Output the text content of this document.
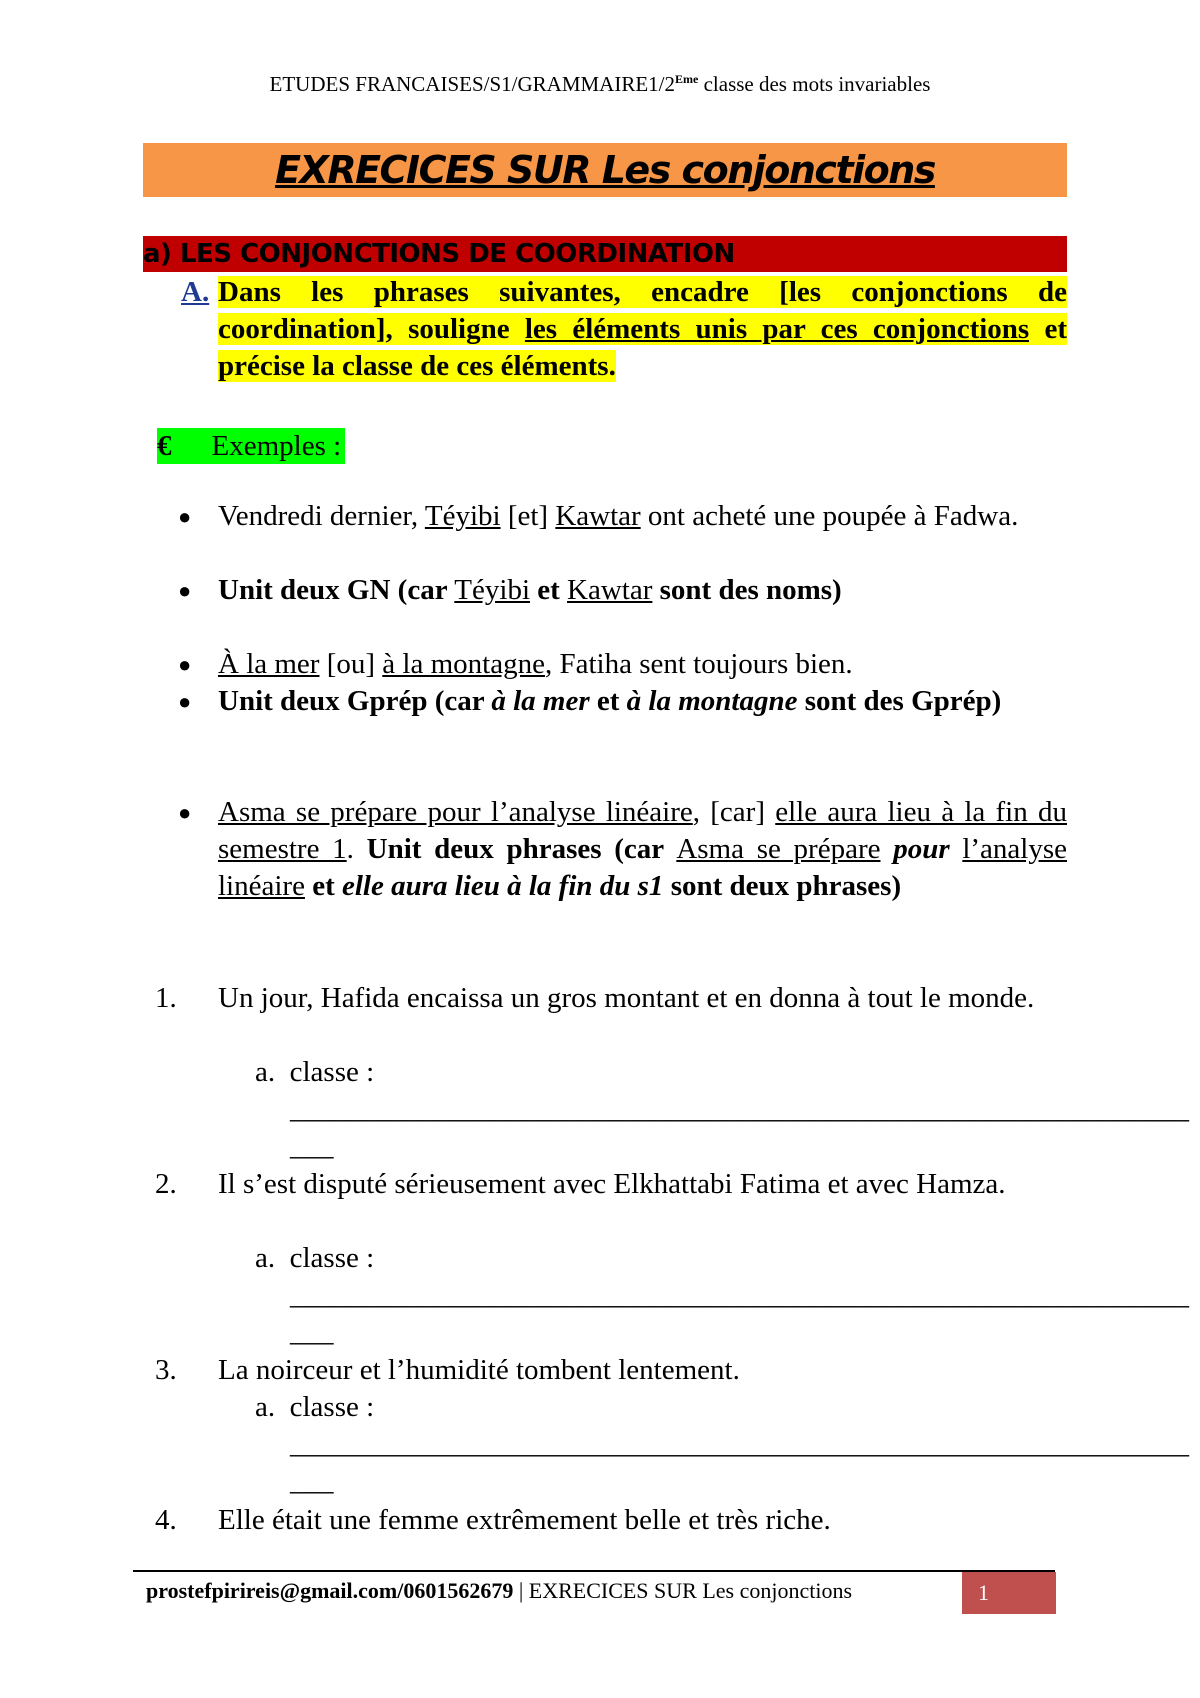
ETUDES FRANCAISES/S1/GRAMMAIRE1/2Eme classe des mots invariables
EXRECICES SUR Les conjonctions
a) LES CONJONCTIONS DE COORDINATION
A. Dans les phrases suivantes, encadre [les conjonctions de coordination], souligne les éléments unis par ces conjonctions et précise la classe de ces éléments.
€ Exemples :
● Vendredi dernier, Téyibi [et] Kawtar ont acheté une poupée à Fadwa.
● Unit deux GN (car Téyibi et Kawtar sont des noms)
● À la mer [ou] à la montagne, Fatiha sent toujours bien.
● Unit deux Gprép (car à la mer et à la montagne sont des Gprép)
● Asma se prépare pour l’analyse linéaire, [car] elle aura lieu à la fin du semestre 1. Unit deux phrases (car Asma se prépare pour l’analyse linéaire et elle aura lieu à la fin du s1 sont deux phrases)
1. Un jour, Hafida encaissa un gros montant et en donna à tout le monde.
a.  classe :
______________________________________________________________
___
2. Il s’est disputé sérieusement avec Elkhattabi Fatima et avec Hamza.
a.  classe :
______________________________________________________________
___
3. La noirceur et l’humidité tombent lentement.
a.  classe :
______________________________________________________________
___
4. Elle était une femme extrêmement belle et très riche.
prostefpirireis@gmail.com/0601562679 | EXRECICES SUR Les conjonctions	1
